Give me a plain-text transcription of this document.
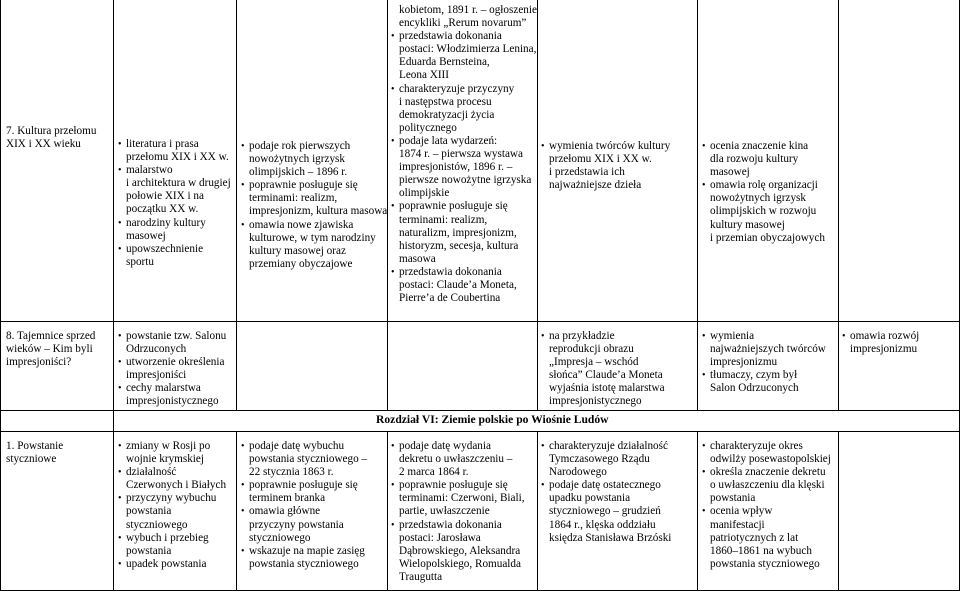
7. Kultura przełomu
XIX i XX wieku
•	literatura i prasa
przełomu XIX i XX w.
• malarstwo
i architektura w drugiej
połowie XIX i na
początku XX w.
• narodziny kultury
masowej
• upowszechnienie
sportu
• podaje rok pierwszych
nowożytnych igrzysk
olimpijskich – 1896 r.
• poprawnie posługuje się
terminami: realizm,
impresjonizm, kultura masowa
• omawia nowe zjawiska
kulturowe, w tym narodziny
kultury masowej oraz
przemiany obyczajowe
kobietom, 1891 r. – ogłoszenie
encykliki „Rerum novarum”
• przedstawia dokonania
postaci: Włodzimierza Lenina,
Eduarda Bernsteina,
Leona XIII
• charakteryzuje przyczyny
i następstwa procesu
demokratyzacji życia
politycznego
• podaje lata wydarzeń:
1874 r. – pierwsza wystawa
impresjonistów, 1896 r. –
pierwsze nowożytne igrzyska
olimpijskie
• poprawnie posługuje się
terminami: realizm,
naturalizm, impresjonizm,
historyzm, secesja, kultura
masowa
• przedstawia dokonania
postaci: Claude’a Moneta,
Pierre’a de Coubertina
• wymienia twórców kultury
przełomu XIX i XX w.
i przedstawia ich
najważniejsze dzieła
• ocenia znaczenie kina
dla rozwoju kultury
masowej
• omawia rolę organizacji
nowożytnych igrzysk
olimpijskich w rozwoju
kultury masowej
i przemian obyczajowych
8. Tajemnice sprzed
wieków – Kim byli
impresjoniści?
• powstanie tzw. Salonu
Odrzuconych
• utworzenie określenia
impresjoniści
• cechy malarstwa
impresjonistycznego
• na przykładzie
reprodukcji obrazu
„Impresja – wschód
słońca” Claude’a Moneta
wyjaśnia istotę malarstwa
impresjonistycznego
• wymienia
najważniejszych twórców
impresjonizmu
• tłumaczy, czym był
Salon Odrzuconych
• omawia rozwój
impresjonizmu
Rozdział VI: Ziemie polskie po Wiośnie Ludów
1. Powstanie
styczniowe
• zmiany w Rosji po
wojnie krymskiej
• działalność
Czerwonych i Białych
• przyczyny wybuchu
powstania
styczniowego
• wybuch i przebieg
powstania
• upadek powstania
• podaje datę wybuchu
powstania styczniowego –
22 stycznia 1863 r.
• poprawnie posługuje się
terminem branka
• omawia główne
przyczyny powstania
styczniowego
• wskazuje na mapie zasięg
powstania styczniowego
• podaje datę wydania
dekretu o uwłaszczeniu –
2 marca 1864 r.
• poprawnie posługuje się
terminami: Czerwoni, Biali,
partie, uwłaszczenie
• przedstawia dokonania
postaci: Jarosława
Dąbrowskiego, Aleksandra
Wielopolskiego, Romualda
Traugutta
• charakteryzuje działalność
Tymczasowego Rządu
Narodowego
• podaje datę ostatecznego
upadku powstania
styczniowego – grudzień
1864 r., klęska oddziału
księdza Stanisława Brzóski
• charakteryzuje okres
odwilży posewastopolskiej
• określa znaczenie dekretu
o uwłaszczeniu dla klęski
powstania
• ocenia wpływ
manifestacji
patriotycznych z lat
1860–1861 na wybuch
powstania styczniowego
